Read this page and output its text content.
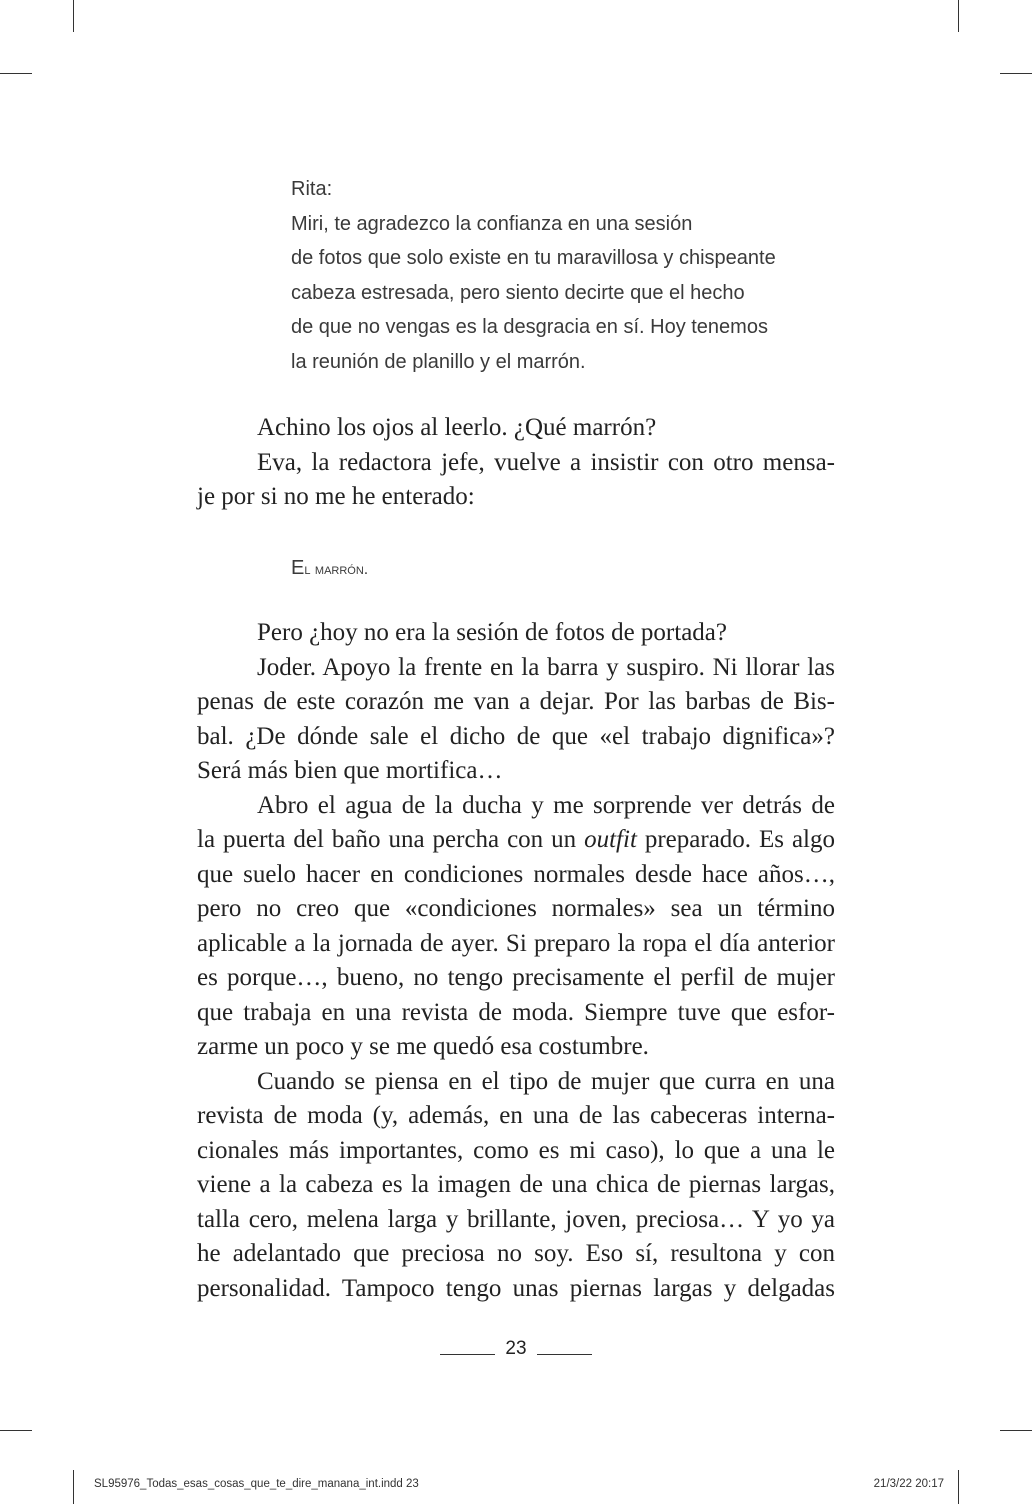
Rita:
Miri, te agradezco la confianza en una sesión
de fotos que solo existe en tu maravillosa y chispeante
cabeza estresada, pero siento decirte que el hecho
de que no vengas es la desgracia en sí. Hoy tenemos
la reunión de planillo y el marrón.
Achino los ojos al leerlo. ¿Qué marrón?
Eva, la redactora jefe, vuelve a insistir con otro mensa-
je por si no me he enterado:
El marrón.
Pero ¿hoy no era la sesión de fotos de portada?
Joder. Apoyo la frente en la barra y suspiro. Ni llorar las
penas de este corazón me van a dejar. Por las barbas de Bis-
bal. ¿De dónde sale el dicho de que «el trabajo dignifica»?
Será más bien que mortifica…
Abro el agua de la ducha y me sorprende ver detrás de
la puerta del baño una percha con un outfit preparado. Es algo
que suelo hacer en condiciones normales desde hace años…,
pero no creo que «condiciones normales» sea un término
aplicable a la jornada de ayer. Si preparo la ropa el día anterior
es porque…, bueno, no tengo precisamente el perfil de mujer
que trabaja en una revista de moda. Siempre tuve que esfor-
zarme un poco y se me quedó esa costumbre.
Cuando se piensa en el tipo de mujer que curra en una
revista de moda (y, además, en una de las cabeceras interna-
cionales más importantes, como es mi caso), lo que a una le
viene a la cabeza es la imagen de una chica de piernas largas,
talla cero, melena larga y brillante, joven, preciosa… Y yo ya
he adelantado que preciosa no soy. Eso sí, resultona y con
personalidad. Tampoco tengo unas piernas largas y delgadas
23
SL95976_Todas_esas_cosas_que_te_dire_manana_int.indd 23	21/3/22 20:17
